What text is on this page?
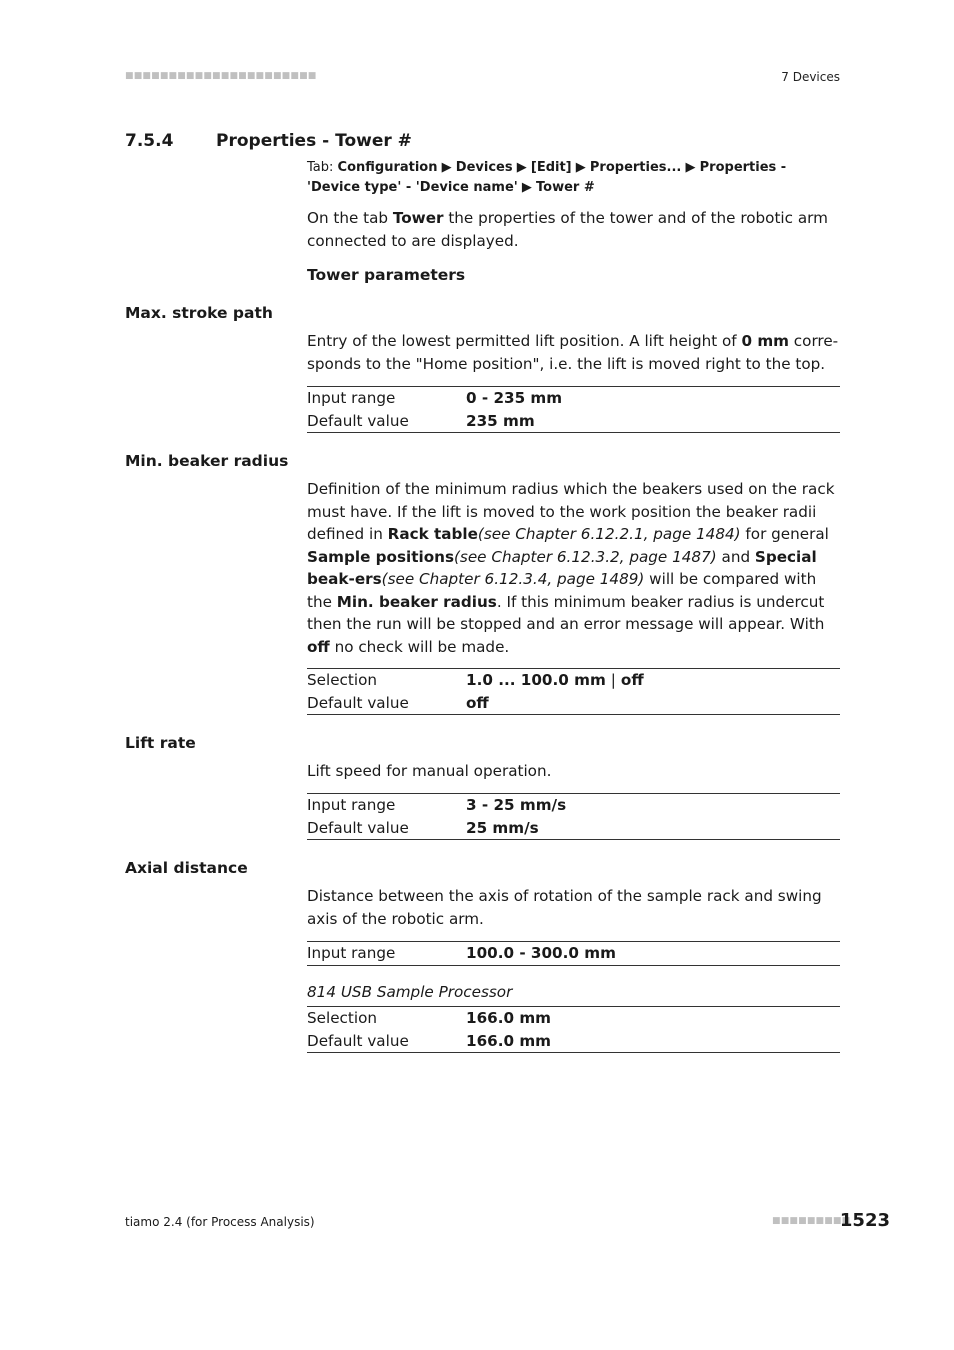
■■■■■■■■■■■■■■■■■■■■■■	7 Devices
7.5.4	Properties - Tower #
Tab: Configuration ▶ Devices ▶ [Edit] ▶ Properties... ▶ Properties - 'Device type' - 'Device name' ▶ Tower #
On the tab Tower the properties of the tower and of the robotic arm connected to are displayed.
Tower parameters
Max. stroke path
Entry of the lowest permitted lift position. A lift height of 0 mm corre-sponds to the "Home position", i.e. the lift is moved right to the top.
Input range	0 - 235 mm
Default value	235 mm
Min. beaker radius
Definition of the minimum radius which the beakers used on the rack must have. If the lift is moved to the work position the beaker radii defined in Rack table(see Chapter 6.12.2.1, page 1484) for general Sample positions(see Chapter 6.12.3.2, page 1487) and Special beak-ers(see Chapter 6.12.3.4, page 1489) will be compared with the Min. beaker radius. If this minimum beaker radius is undercut then the run will be stopped and an error message will appear. With off no check will be made.
Selection	1.0 ... 100.0 mm | off
Default value	off
Lift rate
Lift speed for manual operation.
Input range	3 - 25 mm/s
Default value	25 mm/s
Axial distance
Distance between the axis of rotation of the sample rack and swing axis of the robotic arm.
Input range	100.0 - 300.0 mm
814 USB Sample Processor
Selection	166.0 mm
Default value	166.0 mm
tiamo 2.4 (for Process Analysis)	■■■■■■■■■
1523
